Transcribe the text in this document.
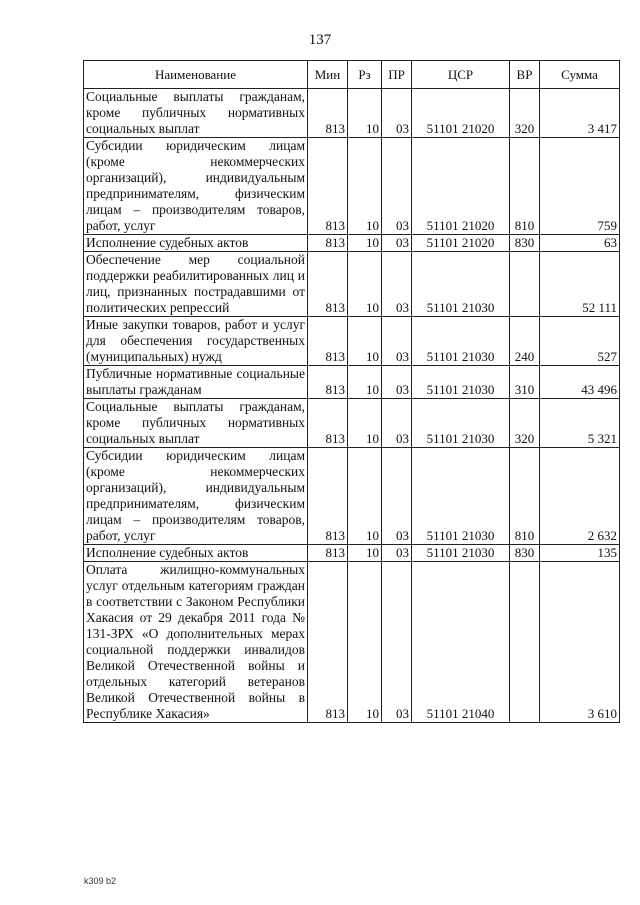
137
Наименование	Мин	Рз	ПР	ЦСР	ВР	Сумма
Социальные выплаты гражданам, кроме публичных нормативных социальных выплат	813	10	03	51101 21020	320	3 417
Субсидии юридическим лицам (кроме некоммерческих организаций), индивидуальным предпринимателям, физическим лицам – производителям товаров, работ, услуг	813	10	03	51101 21020	810	759
Исполнение судебных актов	813	10	03	51101 21020	830	63
Обеспечение мер социальной поддержки реабилитированных лиц и лиц, признанных пострадавшими от политических репрессий	813	10	03	51101 21030		52 111
Иные закупки товаров, работ и услуг для обеспечения государственных (муниципальных) нужд	813	10	03	51101 21030	240	527
Публичные нормативные социальные выплаты гражданам	813	10	03	51101 21030	310	43 496
Социальные выплаты гражданам, кроме публичных нормативных социальных выплат	813	10	03	51101 21030	320	5 321
Субсидии юридическим лицам (кроме некоммерческих организаций), индивидуальным предпринимателям, физическим лицам – производителям товаров, работ, услуг	813	10	03	51101 21030	810	2 632
Исполнение судебных актов	813	10	03	51101 21030	830	135
Оплата жилищно-коммунальных услуг отдельным категориям граждан в соответствии с Законом Республики Хакасия от 29 декабря 2011 года № 131-ЗРХ «О дополнительных мерах социальной поддержки инвалидов Великой Отечественной войны и отдельных категорий ветеранов Великой Отечественной войны в Республике Хакасия»	813	10	03	51101 21040		3 610
k309 b2
